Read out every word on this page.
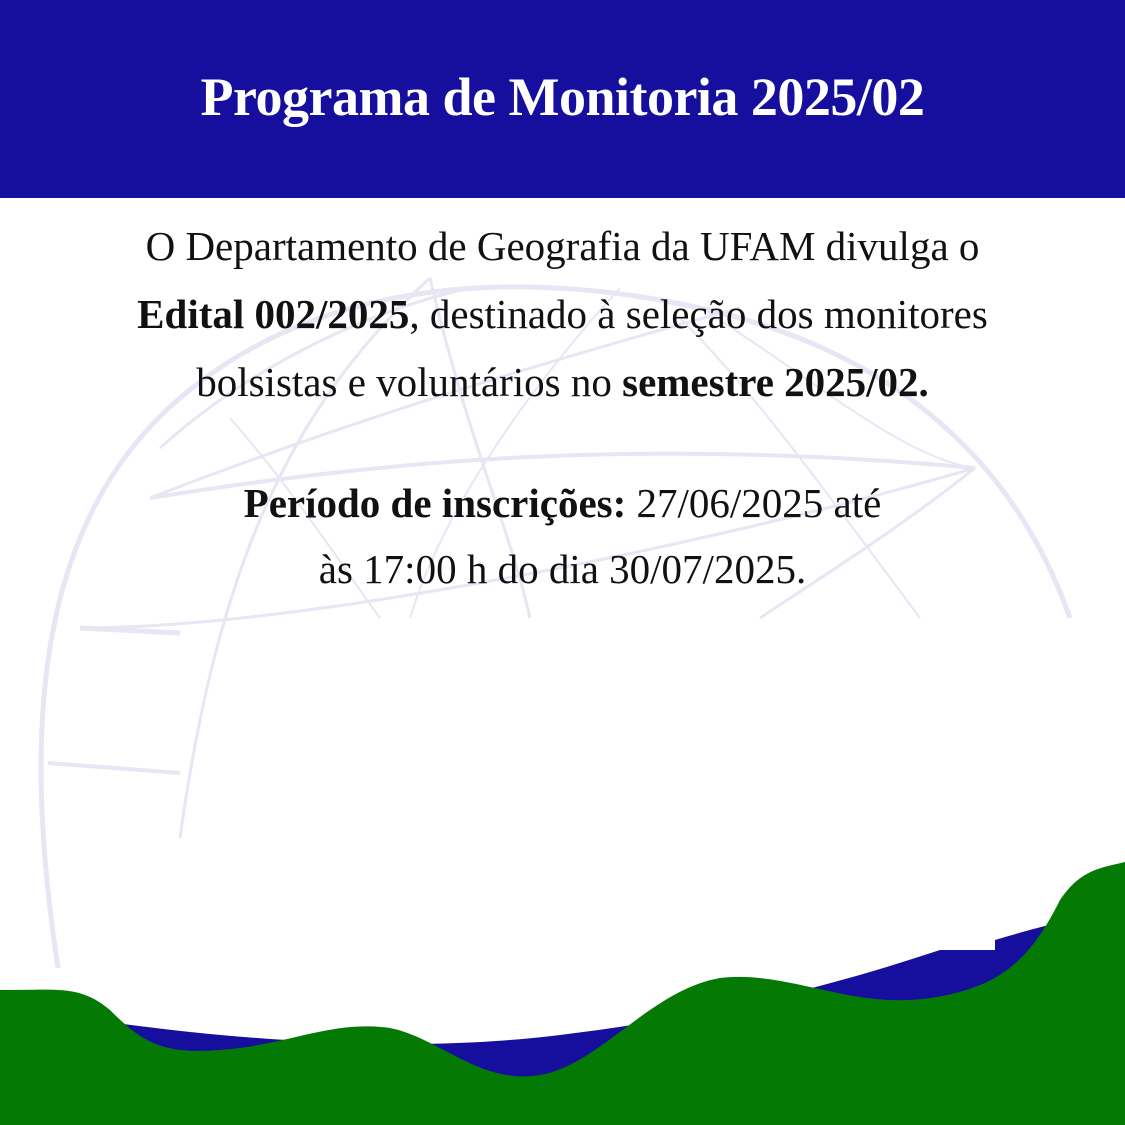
Programa de Monitoria 2025/02
O Departamento de Geografia da UFAM divulga o
Edital 002/2025, destinado à seleção dos monitores
bolsistas e voluntários no semestre 2025/02.
Período de inscrições: 27/06/2025 até
às 17:00 h do dia 30/07/2025.
